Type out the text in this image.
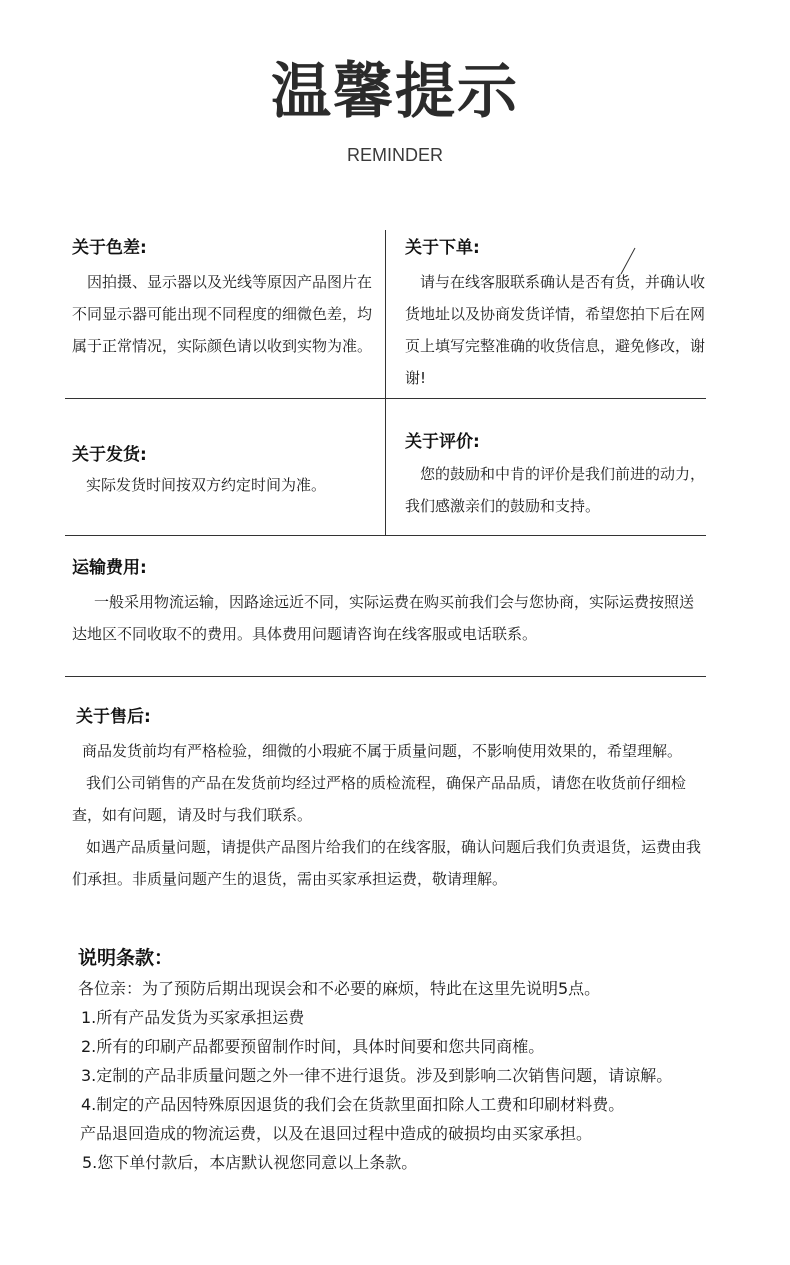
温馨提示
REMINDER
关于色差:
因拍摄、显示器以及光线等原因产品图片在不同显示器可能出现不同程度的细微色差，均属于正常情况，实际颜色请以收到实物为准。
关于下单:
请与在线客服联系确认是否有货，并确认收货地址以及协商发货详情，希望您拍下后在网页上填写完整准确的收货信息，避免修改，谢谢!
关于发货:
实际发货时间按双方约定时间为准。
关于评价:
您的鼓励和中肯的评价是我们前进的动力，我们感激亲们的鼓励和支持。
运输费用:
一般采用物流运输，因路途远近不同，实际运费在购买前我们会与您协商，实际运费按照送达地区不同收取不的费用。具体费用问题请咨询在线客服或电话联系。
关于售后:

商品发货前均有严格检验，细微的小瑕疵不属于质量问题，不影响使用效果的，希望理解。

我们公司销售的产品在发货前均经过严格的质检流程，确保产品品质，请您在收货前仔细检查，如有问题，请及时与我们联系。

如遇产品质量问题，请提供产品图片给我们的在线客服，确认问题后我们负责退货，运费由我们承担。非质量问题产生的退货，需由买家承担运费，敬请理解。

说明条款：

各位亲：为了预防后期出现误会和不必要的麻烦，特此在这里先说明5点。

1.所有产品发货为买家承担运费

2.所有的印刷产品都要预留制作时间，具体时间要和您共同商榷。

3.定制的产品非质量问题之外一律不进行退货。涉及到影响二次销售问题，请谅解。

4.制定的产品因特殊原因退货的我们会在货款里面扣除人工费和印刷材料费。

产品退回造成的物流运费，以及在退回过程中造成的破损均由买家承担。

5.您下单付款后，本店默认视您同意以上条款。
